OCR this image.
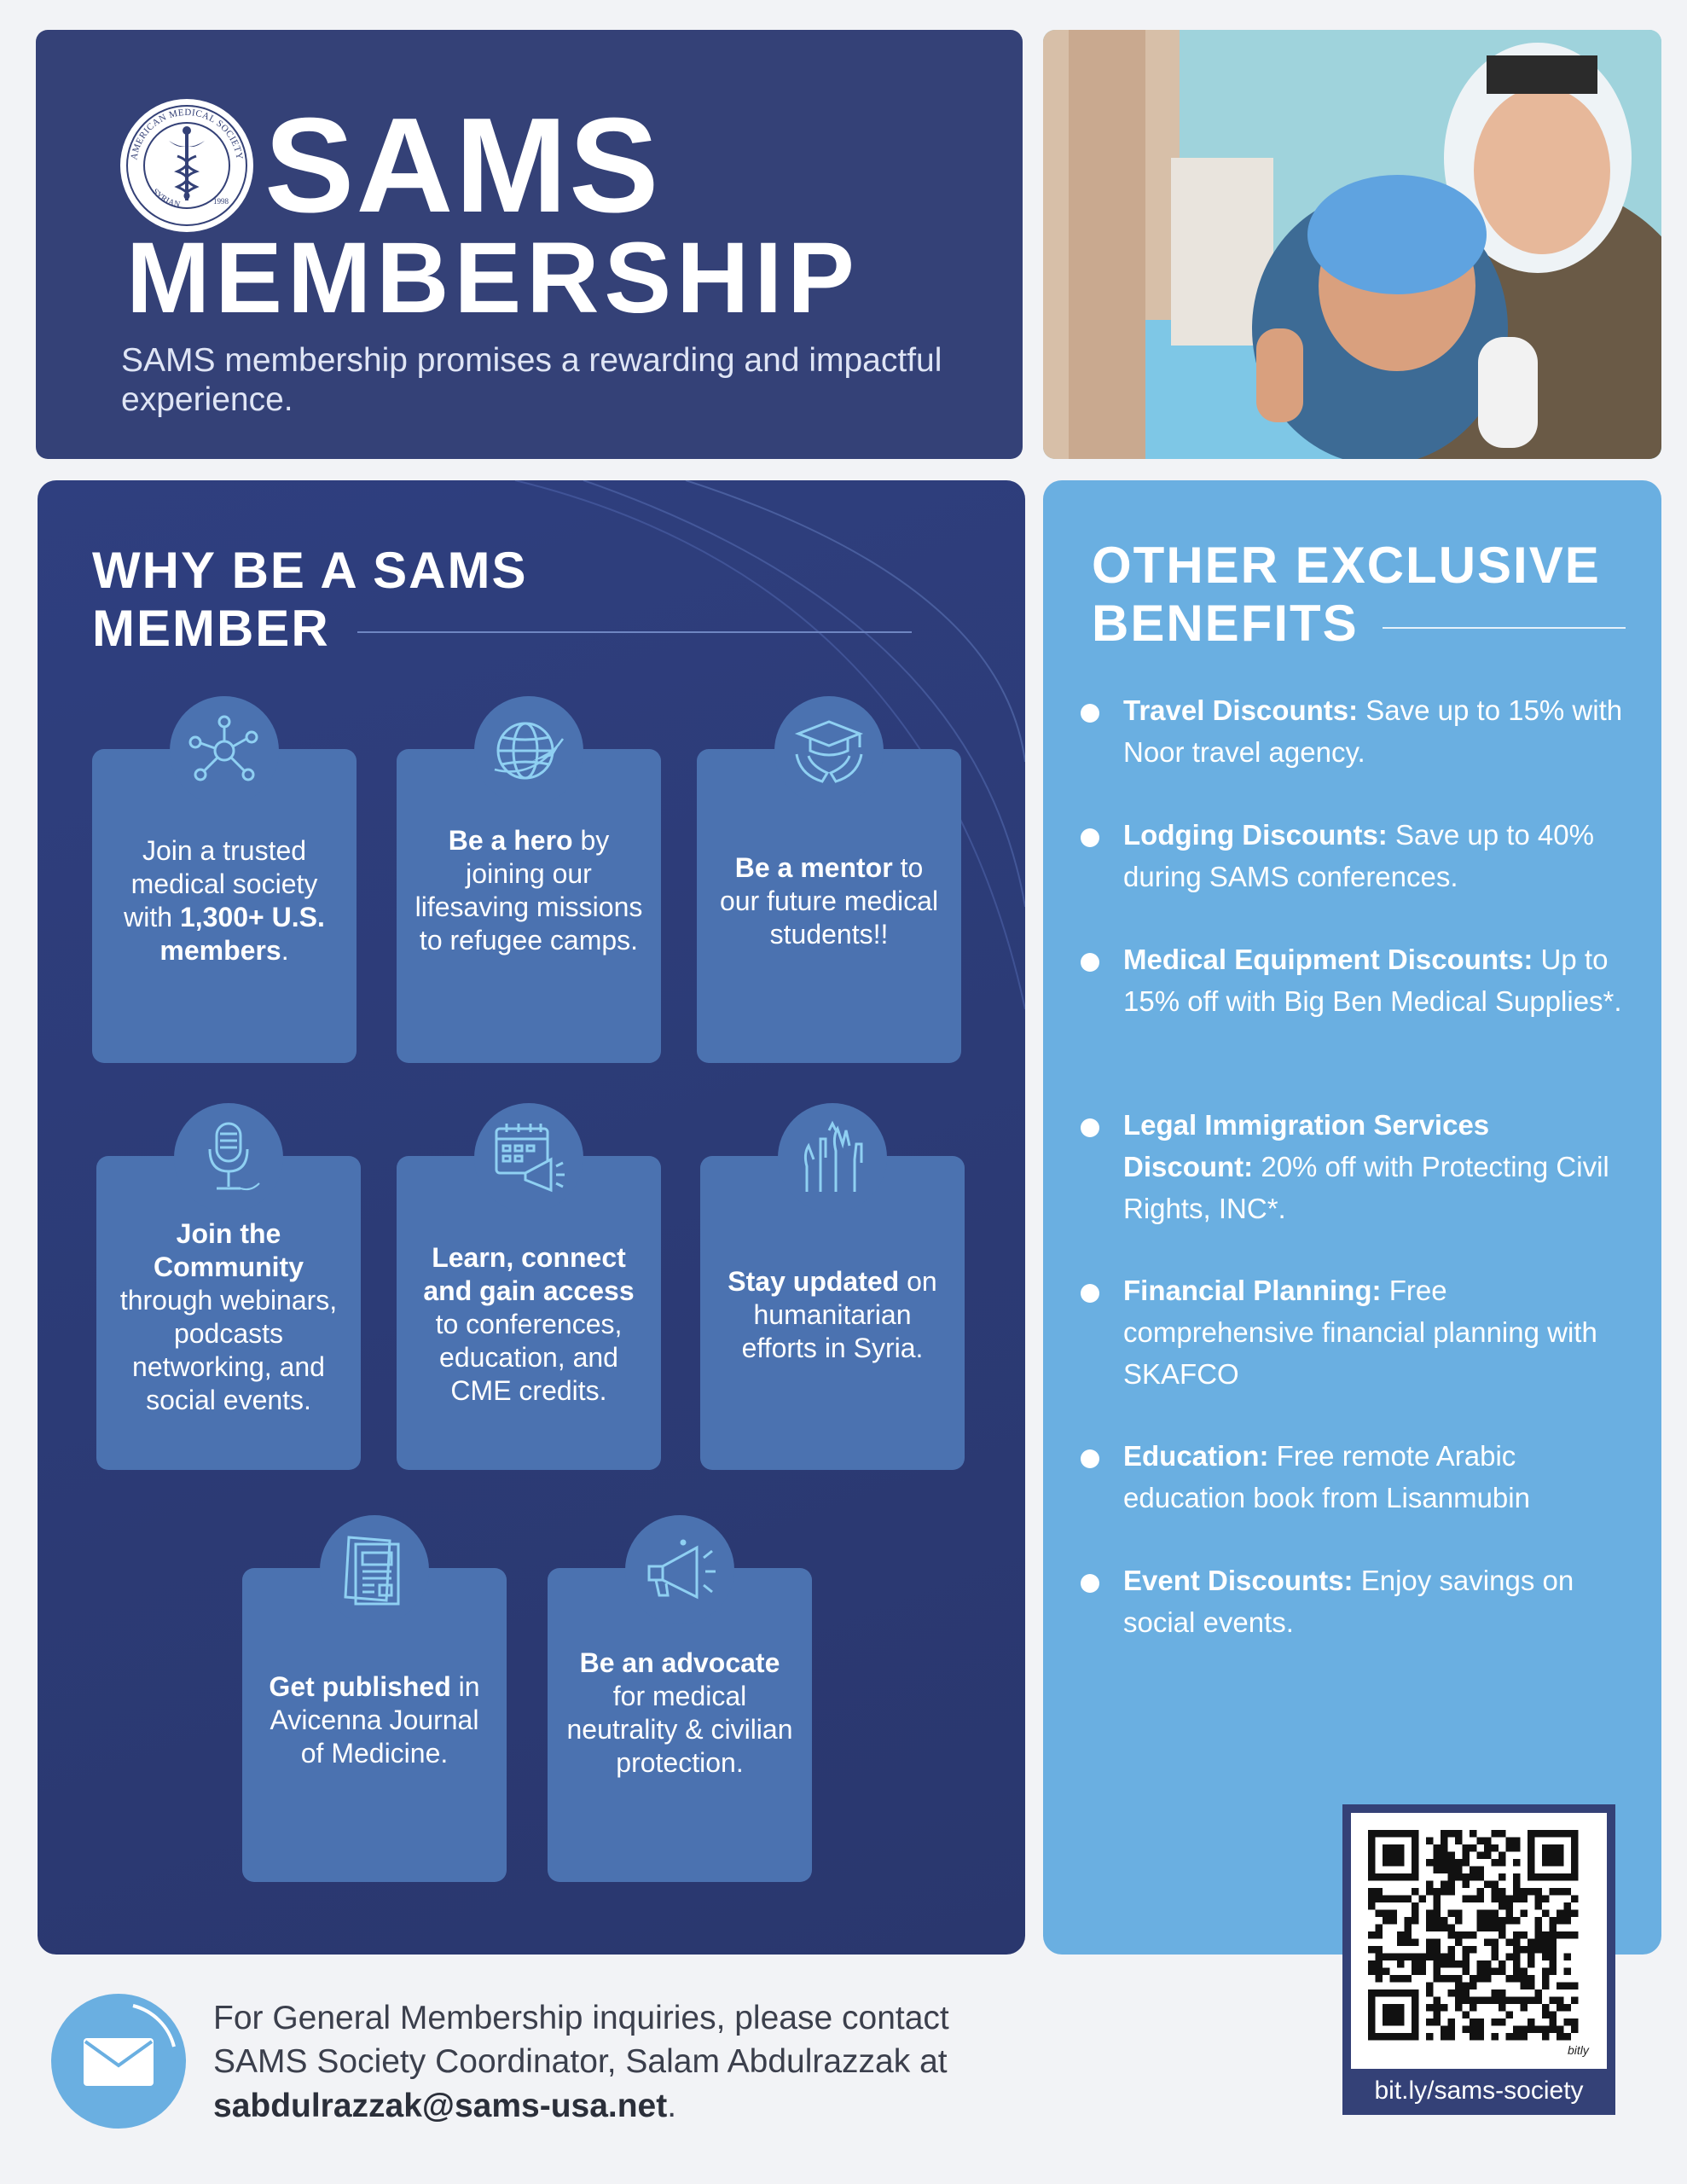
AMERICAN MEDICAL SOCIETY
SYRIAN	1998 SAMS
MEMBERSHIP
SAMS membership promises a rewarding and impactful experience.
WHY BE A SAMS
MEMBER
Join a trusted medical society with 1,300+ U.S. members.
Be a hero by joining our lifesaving missions to refugee camps.
Be a mentor to our future medical students!!
Join the Community through webinars, podcasts networking, and social events.
Learn, connect and gain access to conferences, education, and CME credits.
Stay updated on humanitarian efforts in Syria.
Get published in Avicenna Journal of Medicine.
Be an advocate for medical neutrality & civilian protection.
OTHER EXCLUSIVE
BENEFITS
Travel Discounts: Save up to 15% with Noor travel agency.
Lodging Discounts: Save up to 40% during SAMS conferences.
Medical Equipment Discounts: Up to 15% off with Big Ben Medical Supplies*.
Legal Immigration Services Discount: 20% off with Protecting Civil Rights, INC*.
Financial Planning: Free comprehensive financial planning with SKAFCO
Education: Free remote Arabic education book from Lisanmubin
Event Discounts: Enjoy savings on social events.
bitly
bit.ly/sams-society
For General Membership inquiries, please contact
SAMS Society Coordinator, Salam Abdulrazzak at
sabdulrazzak@sams-usa.net.
